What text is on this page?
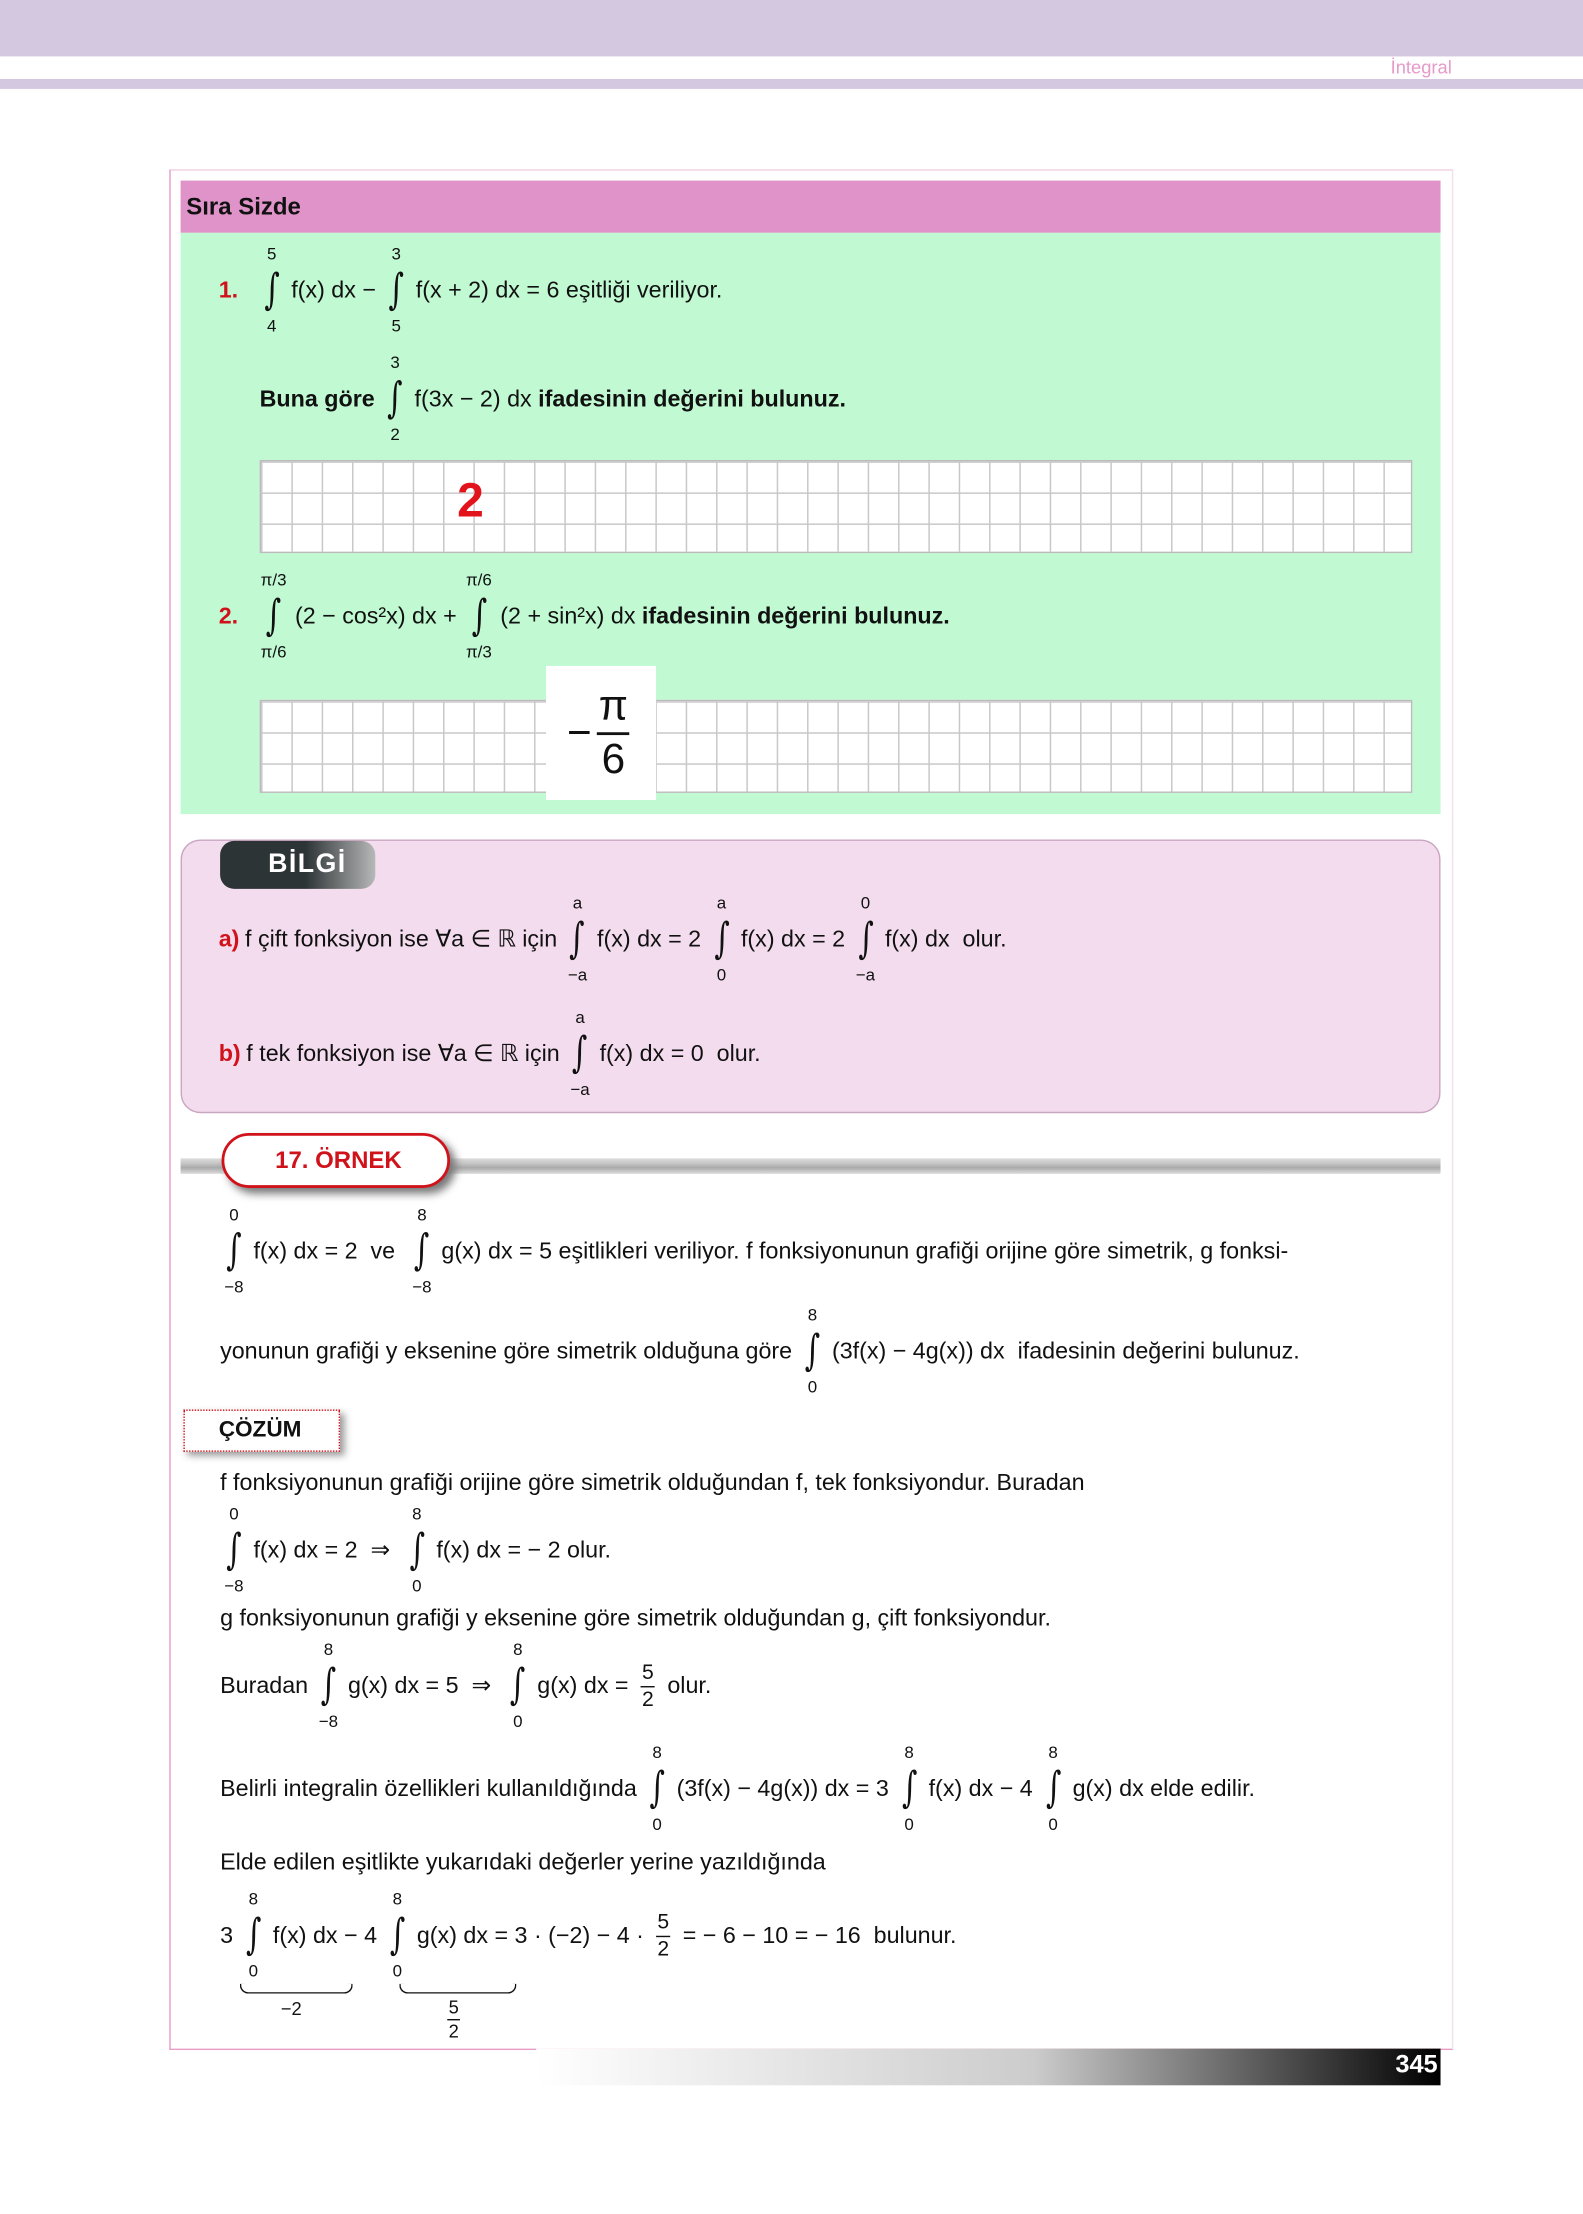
İntegral
Sıra Sizde
1.
5
∫
4
f(x) dx −
3
∫
5
f(x + 2) dx = 6 eşitliği veriliyor.
Buna göre
3
∫
2
f(3x − 2) dx ifadesinin değerini bulunuz.
2
2.
π/3
∫
π/6
(2 − cos²x) dx +
π/6
∫
π/3
(2 + sin²x) dx ifadesinin değerini bulunuz.
− $\frac{\pi}{6}$
BİLGİ
a) f çift fonksiyon ise ∀a ∈ ℝ için
a
∫
−a
f(x) dx = 2
a
∫
0
f(x) dx = 2
0
∫
−a
f(x) dx  olur.
b) f tek fonksiyon ise ∀a ∈ ℝ için
a
∫
−a
f(x) dx = 0  olur.
17. ÖRNEK
0
∫
−8
f(x) dx = 2  ve
8
∫
−8
g(x) dx = 5 eşitlikleri veriliyor. f fonksiyonunun grafiği orijine göre simetrik, g fonksi-
yonunun grafiği y eksenine göre simetrik olduğuna göre
8
∫
0
(3f(x) − 4g(x)) dx  ifadesinin değerini bulunuz.
ÇÖZÜM
f fonksiyonunun grafiği orijine göre simetrik olduğundan f, tek fonksiyondur. Buradan
0
∫
−8
f(x) dx = 2  ⇒
8
∫
0
f(x) dx = − 2 olur.
g fonksiyonunun grafiği y eksenine göre simetrik olduğundan g, çift fonksiyondur.
Buradan
8
∫
−8
g(x) dx = 5  ⇒
8
∫
0
g(x) dx = $\frac{5}{2}$ olur.
Belirli integralin özellikleri kullanıldığında
8
∫
0
(3f(x) − 4g(x)) dx = 3
8
∫
0
f(x) dx − 4
8
∫
0
g(x) dx elde edilir.
Elde edilen eşitlikte yukarıdaki değerler yerine yazıldığında
3
8
∫
0
f(x) dx − 4
8
∫
0
g(x) dx = $3 \cdot (-2) - 4 \cdot \frac{5}{2}$ = − 6 − 10 = − 16  bulunur.
−2	$\frac{5}{2}$
345
